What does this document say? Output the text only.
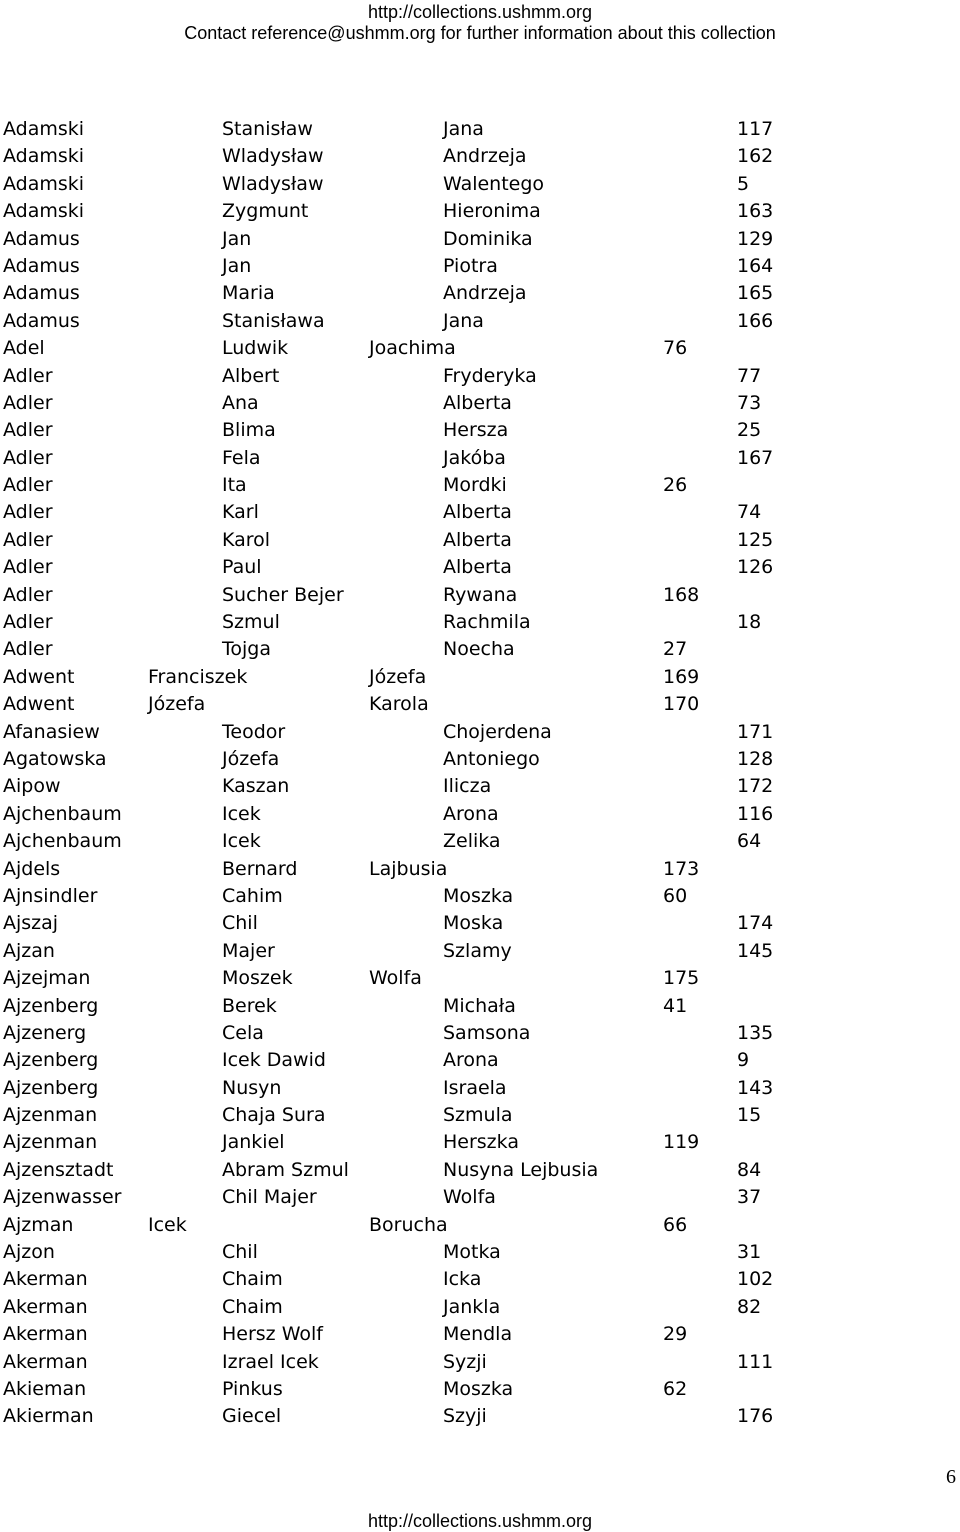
http://collections.ushmm.org
Contact reference@ushmm.org for further information about this collection
Adamski	Stanisław	Jana	117
Adamski	Wladysław	Andrzeja	162
Adamski	Wladysław	Walentego	5
Adamski	Zygmunt	Hieronima	163
Adamus	Jan	Dominika	129
Adamus	Jan	Piotra	164
Adamus	Maria	Andrzeja	165
Adamus	Stanisława	Jana	166
Adel	Ludwik	Joachima	76
Adler	Albert	Fryderyka	77
Adler	Ana	Alberta	73
Adler	Blima	Hersza	25
Adler	Fela	Jakóba	167
Adler	Ita	Mordki	26
Adler	Karl	Alberta	74
Adler	Karol	Alberta	125
Adler	Paul	Alberta	126
Adler	Sucher Bejer	Rywana	168
Adler	Szmul	Rachmila	18
Adler	Tojga	Noecha	27
Adwent	Franciszek	Józefa	169
Adwent	Józefa	Karola	170
Afanasiew	Teodor	Chojerdena	171
Agatowska	Józefa	Antoniego	128
Aipow	Kaszan	Ilicza	172
Ajchenbaum	Icek	Arona	116
Ajchenbaum	Icek	Zelika	64
Ajdels	Bernard	Lajbusia	173
Ajnsindler	Cahim	Moszka	60
Ajszaj	Chil	Moska	174
Ajzan	Majer	Szlamy	145
Ajzejman	Moszek	Wolfa	175
Ajzenberg	Berek	Michała	41
Ajzenerg	Cela	Samsona	135
Ajzenberg	Icek Dawid	Arona	9
Ajzenberg	Nusyn	Israela	143
Ajzenman	Chaja Sura	Szmula	15
Ajzenman	Jankiel	Herszka	119
Ajzensztadt	Abram Szmul	Nusyna Lejbusia	84
Ajzenwasser	Chil Majer	Wolfa	37
Ajzman	Icek	Borucha	66
Ajzon	Chil	Motka	31
Akerman	Chaim	Icka	102
Akerman	Chaim	Jankla	82
Akerman	Hersz Wolf	Mendla	29
Akerman	Izrael Icek	Syzji	111
Akieman	Pinkus	Moszka	62
Akierman	Giecel	Szyji	176
6
http://collections.ushmm.org
